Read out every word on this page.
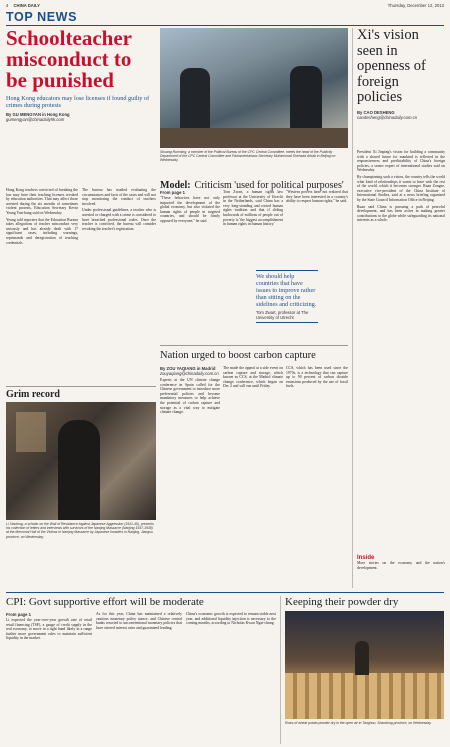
4 CHINA DAILY	Thursday, December 12, 2013
TOP NEWS
Schoolteacher misconduct to be punished
Hong Kong educators may lose licenses if found guilty of crimes during protests
By GU MENGYAN in Hong Kong
gumengyan@chinadailyhk.com

Hong Kong teachers convicted of breaking the law may have their teaching licenses revoked by education authorities. That may affect those arrested during the six months of sometimes violent protests, Education Secretary Kevin Yeung Yun-hung said on Wednesday.

Yeung told reporters that the Education Bureau takes allegations of teacher misconduct very seriously and has already dealt with 17 significant cases, including warnings, reprimands and deregistration of teaching credentials.

The bureau has studied evaluating the circumstances and facts of the cases and will not stop monitoring the conduct of teachers involved.

Under professional guidelines, a teacher who is arrested or charged with a crime is considered to have breached professional codes. Once the teacher is convicted, the bureau will consider revoking the teacher's registration.

Shuang Runming, a member of the Political Bureau of the CPC Central Committee, meets the head of the Publicity Department of the CPC Central Committee and Parliamentarians Secretary Muhammad Shehzad Arbab in Beijing on Wednesday.
Model: Criticism 'used for political purposes'
From page 1

"These behaviors have not only impacted the development of the global economy, but also violated the human rights of people in targeted countries, and should be firmly opposed by everyone," he said.

Tom Zwart, a human rights law professor at the University of Utrecht in the Netherlands, said China has a very long-standing and rooted human rights tradition and that if sliding backwards of millions of people out of poverty is 'the biggest accomplishment in human rights in human history.'

"Western powers have not realized that they have been interested in a country's ability to respect human rights," he said.

We should help countries that have issues to improve rather than sitting on the sidelines and criticizing.
Tom Zwart, professor at The University of Utrecht
Nation urged to boost carbon capture
By ZOU YAQIANG in Madrid
zouyaqiang@chinadaily.com.cn

Experts at the UN climate change conference in Spain called for the Chinese government to introduce more preferential policies and become mandatory measures to help achieve the potential of carbon capture and storage as a vital way to mitigate climate change.

The made the appeal at a side event on carbon capture and storage, which known as CCS, at the Madrid climate change conference, which began on Dec 2 and will run until Friday.

CCS, which has been used since the 1970s, is a technology that can capture up to 90 percent of carbon dioxide emissions produced by the use of fossil fuels.

Grim record
Li Xiaolong, a scholar on the Wall of Resistance Against Japanese Aggression (1931-45), presents his collection of letters and interviews with survivors of the Nanjing Massacre (Nanjing 1937-1938) at the Memorial Hall of the Victims in Nanjing Massacre by Japanese Invaders in Nanjing, Jiangsu province, on Wednesday.
Xi's vision seen in openness of foreign policies
By CAO DESHENG
caodesheng@chinadaily.com.cn

President Xi Jinping's vision for building a community with a shared future for mankind is reflected in the responsiveness and predictability of China's foreign policies, a senior expert of international studies said on Wednesday.

By championing such a vision, the country tells the world what kind of relationships it wants to have with the rest of the world, which it becomes stronger. Ruan Zongze, executive vice-president of the China Institute of International Studies, said at a news briefing organized by the State Council Information Office in Beijing.

Ruan said China is pursuing a path of peaceful development, and has been active in making greater contributions to the globe while safeguarding its national interests as a whole.

Inside
More stories on the economy and the nation's development.
CPI: Govt supportive effort will be moderate
From page 1

Li expected the year-over-year growth rate of retail retail financing (TSF), a gauge of credit supply in the real economy, to move in a tight band likely in a range further more government rules to maintain sufficient liquidity in the market.

As for this year, China has maintained a relatively cautious monetary policy stance, and Chinese central banks resorted to unconventional monetary policies that have steered interest rates and guaranteed lending.

China's economic growth is expected to remain stable next year, and additional liquidity injection is necessary to the coming months, according to Nicholas Kwan Ngai-chung.

Keeping their powder dry
Rows of wheat potato powder dry in the open air in Tanghou, Shandong province, on Wednesday.
